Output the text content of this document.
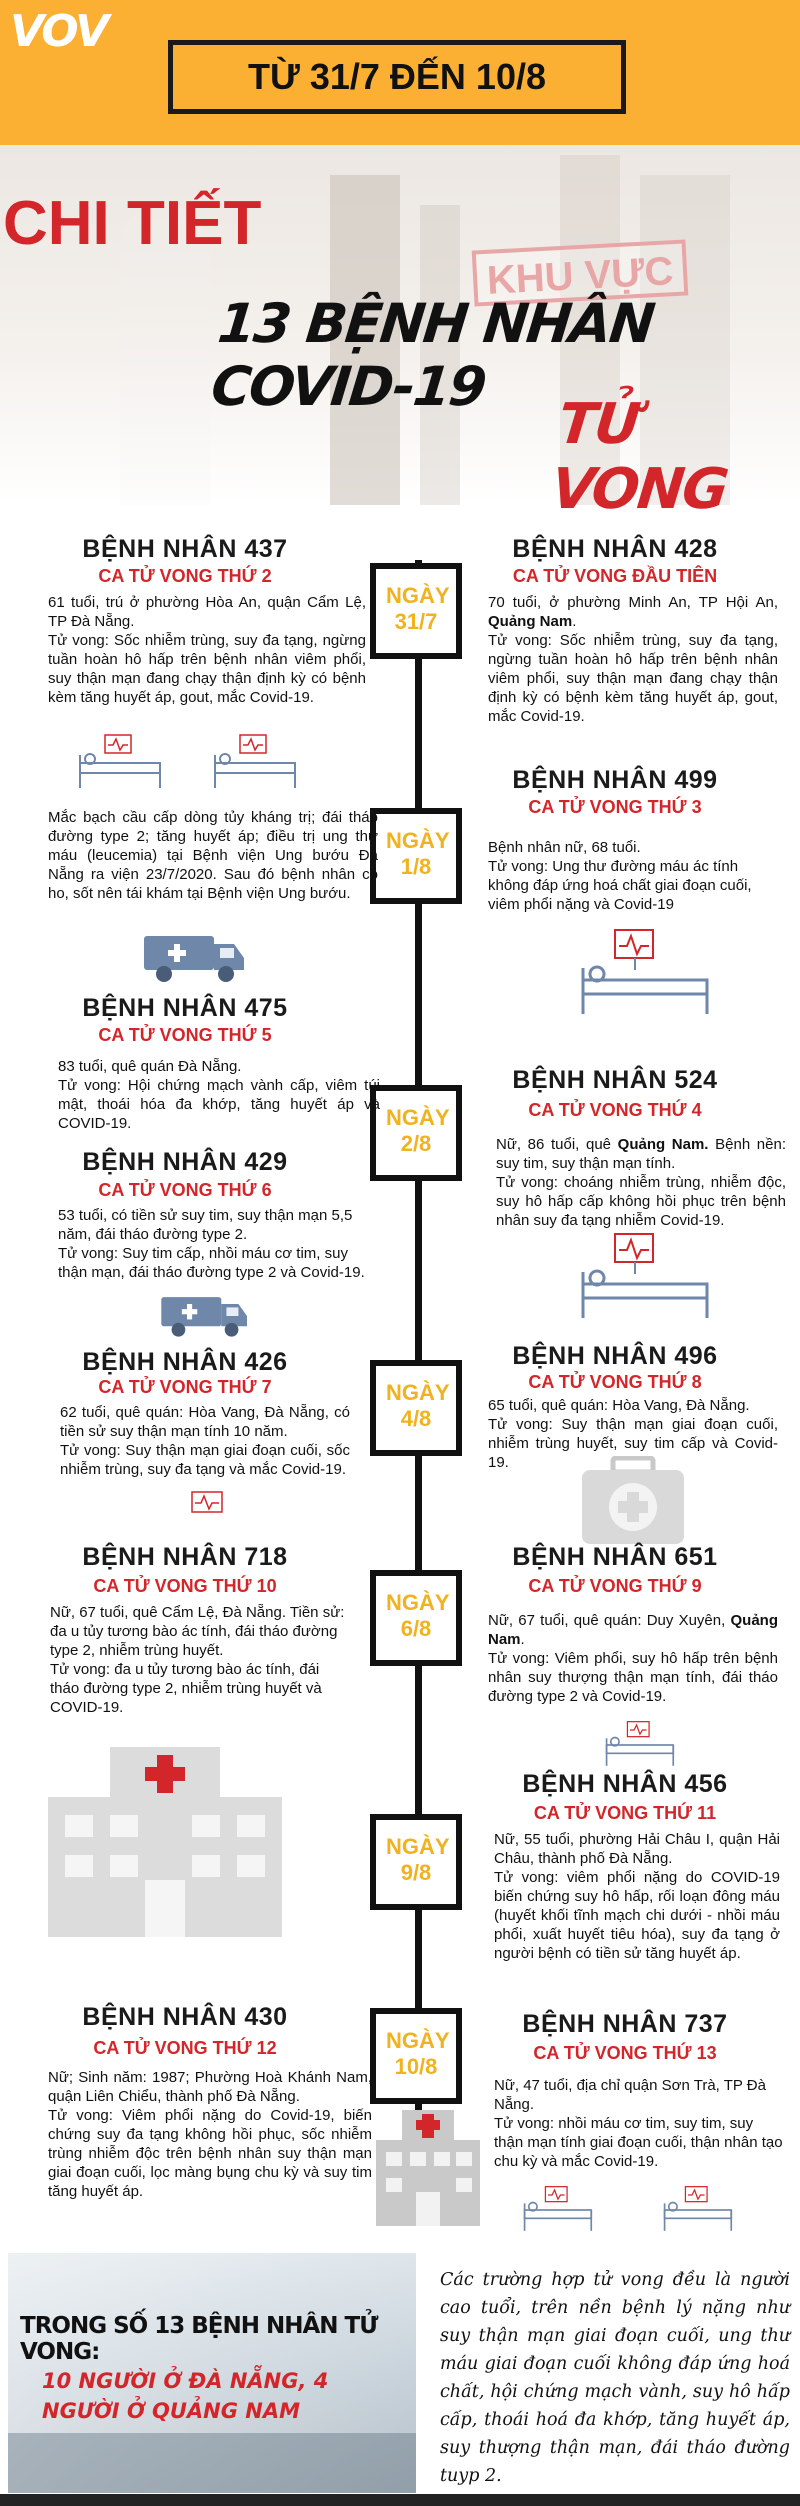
VOV
TỪ 31/7 ĐẾN 10/8
CHI TIẾT
KHU VỰC
13 BỆNH NHÂN COVID-19
TỬ VONG
NGÀY 31/7
NGÀY 1/8
NGÀY 2/8
NGÀY 4/8
NGÀY 6/8
NGÀY 9/8
NGÀY 10/8
BỆNH NHÂN 437
CA TỬ VONG THỨ 2
61 tuổi, trú ở phường Hòa An, quận Cẩm Lệ, TP Đà Nẵng.
Tử vong: Sốc nhiễm trùng, suy đa tạng, ngừng tuần hoàn hô hấp trên bệnh nhân viêm phổi, suy thận mạn đang chạy thận định kỳ có bệnh kèm tăng huyết áp, gout, mắc Covid-19.
BỆNH NHÂN 428
CA TỬ VONG ĐẦU TIÊN
70 tuổi, ở phường Minh An, TP Hội An, Quảng Nam.
Tử vong: Sốc nhiễm trùng, suy đa tạng, ngừng tuần hoàn hô hấp trên bệnh nhân viêm phổi, suy thận mạn đang chạy thận định kỳ có bệnh kèm tăng huyết áp, gout, mắc Covid-19.
BỆNH NHÂN 499
CA TỬ VONG THỨ 3
Bệnh nhân nữ, 68 tuổi.
Tử vong: Ung thư đường máu ác tính không đáp ứng hoá chất giai đoạn cuối, viêm phổi nặng và Covid-19
Mắc bạch cầu cấp dòng tủy kháng trị; đái tháo đường type 2; tăng huyết áp; điều trị ung thư máu (leucemia) tại Bệnh viện Ung bướu Đà Nẵng ra viện 23/7/2020. Sau đó bệnh nhân có ho, sốt nên tái khám tại Bệnh viện Ung bướu.
BỆNH NHÂN 475
CA TỬ VONG THỨ 5
83 tuổi, quê quán Đà Nẵng.
Tử vong: Hội chứng mạch vành cấp, viêm túi mật, thoái hóa đa khớp, tăng huyết áp và COVID-19.
BỆNH NHÂN 524
CA TỬ VONG THỨ 4
Nữ, 86 tuổi, quê Quảng Nam. Bệnh nền: suy tim, suy thận mạn tính.
Tử vong: choáng nhiễm trùng, nhiễm độc, suy hô hấp cấp không hồi phục trên bệnh nhân suy đa tạng nhiễm Covid-19.
BỆNH NHÂN 429
CA TỬ VONG THỨ 6
53 tuổi, có tiền sử suy tim, suy thận mạn 5,5 năm, đái tháo đường type 2.
Tử vong: Suy tim cấp, nhồi máu cơ tim, suy thận mạn, đái tháo đường type 2 và Covid-19.
BỆNH NHÂN 426
CA TỬ VONG THỨ 7
62 tuổi, quê quán: Hòa Vang, Đà Nẵng, có tiền sử suy thận mạn tính 10 năm.
Tử vong: Suy thận mạn giai đoạn cuối, sốc nhiễm trùng, suy đa tạng và mắc Covid-19.
BỆNH NHÂN 496
CA TỬ VONG THỨ 8
65 tuổi, quê quán: Hòa Vang, Đà Nẵng.
Tử vong: Suy thận mạn giai đoạn cuối, nhiễm trùng huyết, suy tim cấp và Covid-19.
BỆNH NHÂN 718
CA TỬ VONG THỨ 10
Nữ, 67 tuổi, quê Cẩm Lệ, Đà Nẵng. Tiền sử: đa u tủy tương bào ác tính, đái tháo đường type 2, nhiễm trùng huyết.
Tử vong: đa u tủy tương bào ác tính, đái tháo đường type 2, nhiễm trùng huyết và COVID-19.
BỆNH NHÂN 651
CA TỬ VONG THỨ 9
Nữ, 67 tuổi, quê quán: Duy Xuyên, Quảng Nam.
Tử vong: Viêm phổi, suy hô hấp trên bệnh nhân suy thượng thận mạn tính, đái tháo đường type 2 và Covid-19.
BỆNH NHÂN 456
CA TỬ VONG THỨ 11
Nữ, 55 tuổi, phường Hải Châu I, quận Hải Châu, thành phố Đà Nẵng.
Tử vong: viêm phổi nặng do COVID-19 biến chứng suy hô hấp, rối loạn đông máu (huyết khối tĩnh mạch chi dưới - nhồi máu phổi, xuất huyết tiêu hóa), suy đa tạng ở người bệnh có tiền sử tăng huyết áp.
BỆNH NHÂN 430
CA TỬ VONG THỨ 12
Nữ; Sinh năm: 1987; Phường Hoà Khánh Nam, quận Liên Chiểu, thành phố Đà Nẵng.
Tử vong: Viêm phổi nặng do Covid-19, biến chứng suy đa tạng không hồi phục, sốc nhiễm trùng nhiễm độc trên bệnh nhân suy thận mạn giai đoạn cuối, lọc màng bụng chu kỳ và suy tim tăng huyết áp.
BỆNH NHÂN 737
CA TỬ VONG THỨ 13
Nữ, 47 tuổi, địa chỉ quận Sơn Trà, TP Đà Nẵng.
Tử vong: nhồi máu cơ tim, suy tim, suy thận mạn tính giai đoạn cuối, thận nhân tạo chu kỳ và mắc Covid-19.
TRONG SỐ 13 BỆNH NHÂN TỬ VONG:
10 NGƯỜI Ở ĐÀ NẴNG, 4 NGƯỜI Ở QUẢNG NAM
Các trường hợp tử vong đều là người cao tuổi, trên nền bệnh lý nặng như suy thận mạn giai đoạn cuối, ung thư máu giai đoạn cuối không đáp ứng hoá chất, hội chứng mạch vành, suy hô hấp cấp, thoái hoá đa khớp, tăng huyết áp, suy thượng thận mạn, đái tháo đường tuyp 2.
